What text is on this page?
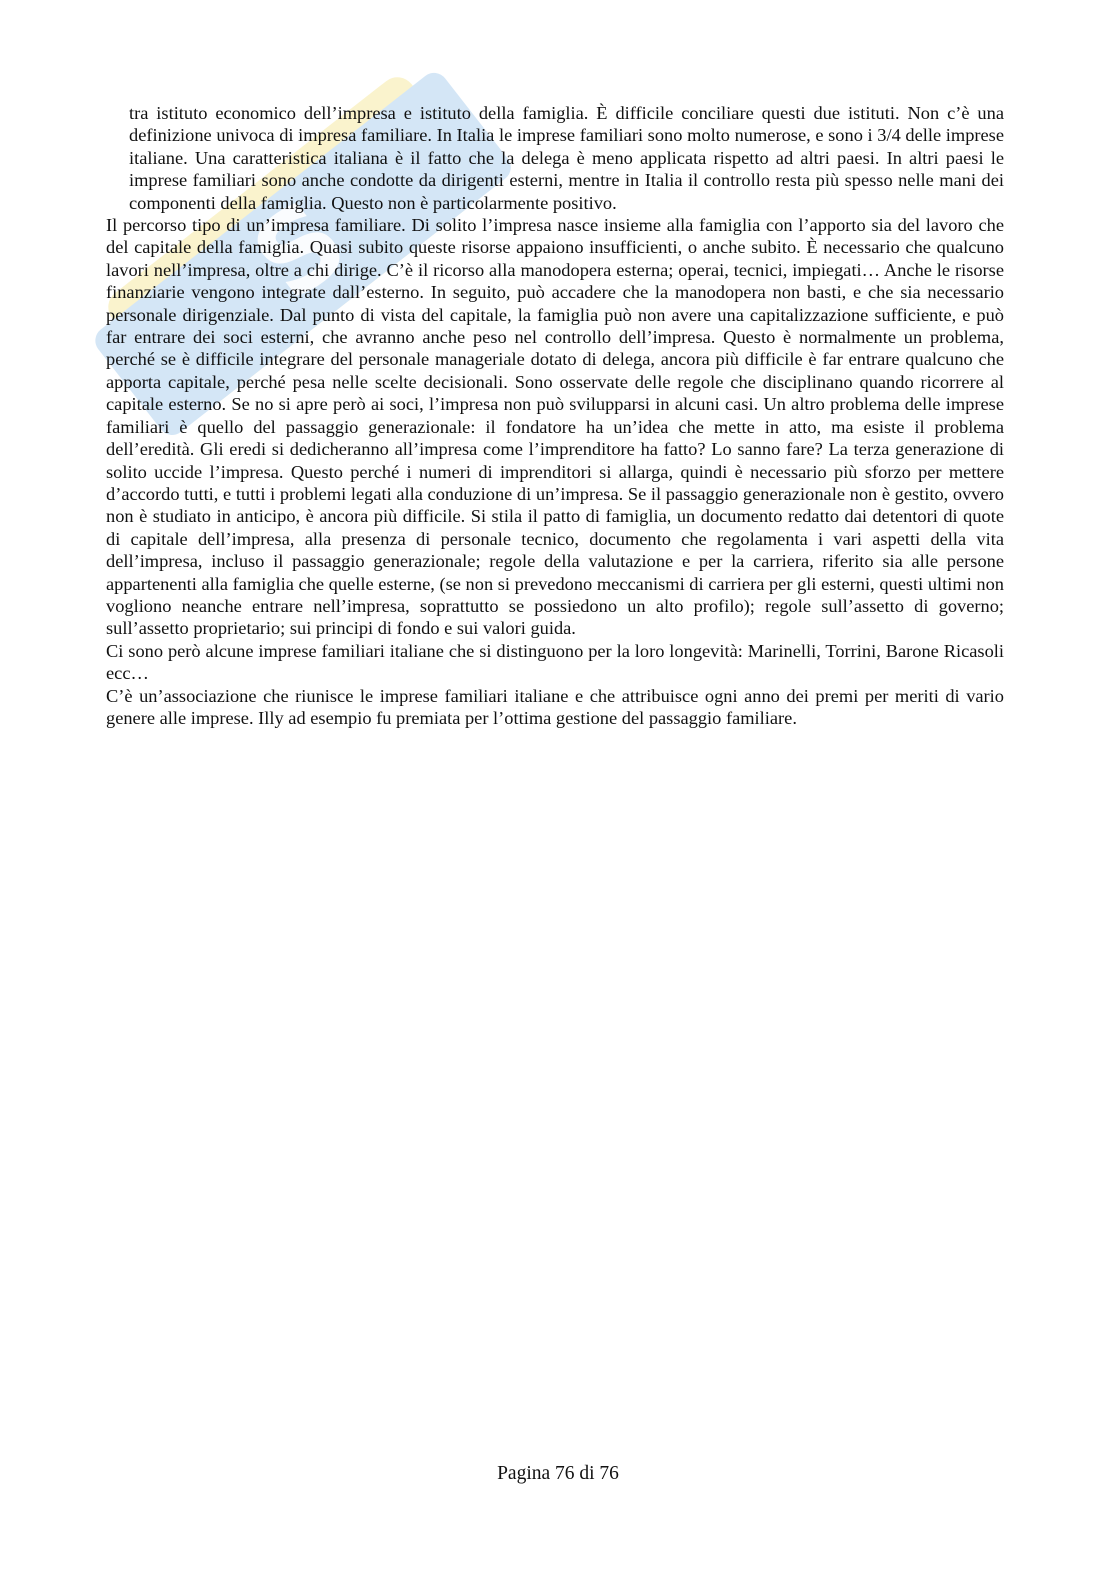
S

tra istituto economico dell’impresa e istituto della famiglia. È difficile conciliare questi due istituti. Non c’è una definizione univoca di impresa familiare. In Italia le imprese familiari sono molto numerose, e sono i 3/4 delle imprese italiane. Una caratteristica italiana è il fatto che la delega è meno applicata rispetto ad altri paesi. In altri paesi le imprese familiari sono anche condotte da dirigenti esterni, mentre in Italia il controllo resta più spesso nelle mani dei componenti della famiglia. Questo non è particolarmente positivo.

Il percorso tipo di un’impresa familiare. Di solito l’impresa nasce insieme alla famiglia con l’apporto sia del lavoro che del capitale della famiglia. Quasi subito queste risorse appaiono insufficienti, o anche subito. È necessario che qualcuno lavori nell’impresa, oltre a chi dirige. C’è il ricorso alla manodopera esterna; operai, tecnici, impiegati… Anche le risorse finanziarie vengono integrate dall’esterno. In seguito, può accadere che la manodopera non basti, e che sia necessario personale dirigenziale. Dal punto di vista del capitale, la famiglia può non avere una capitalizzazione sufficiente, e può far entrare dei soci esterni, che avranno anche peso nel controllo dell’impresa. Questo è normalmente un problema, perché se è difficile integrare del personale manageriale dotato di delega, ancora più difficile è far entrare qualcuno che apporta capitale, perché pesa nelle scelte decisionali. Sono osservate delle regole che disciplinano quando ricorrere al capitale esterno. Se no si apre però ai soci, l’impresa non può svilupparsi in alcuni casi. Un altro problema delle imprese familiari è quello del passaggio generazionale: il fondatore ha un’idea che mette in atto, ma esiste il problema dell’eredità. Gli eredi si dedicheranno all’impresa come l’imprenditore ha fatto? Lo sanno fare? La terza generazione di solito uccide l’impresa. Questo perché i numeri di imprenditori si allarga, quindi è necessario più sforzo per mettere d’accordo tutti, e tutti i problemi legati alla conduzione di un’impresa. Se il passaggio generazionale non è gestito, ovvero non è studiato in anticipo, è ancora più difficile. Si stila il patto di famiglia, un documento redatto dai detentori di quote di capitale dell’impresa, alla presenza di personale tecnico, documento che regolamenta i vari aspetti della vita dell’impresa, incluso il passaggio generazionale; regole della valutazione e per la carriera, riferito sia alle persone appartenenti alla famiglia che quelle esterne, (se non si prevedono meccanismi di carriera per gli esterni, questi ultimi non vogliono neanche entrare nell’impresa, soprattutto se possiedono un alto profilo); regole sull’assetto di governo; sull’assetto proprietario; sui principi di fondo e sui valori guida.

Ci sono però alcune imprese familiari italiane che si distinguono per la loro longevità: Marinelli, Torrini, Barone Ricasoli ecc…

C’è un’associazione che riunisce le imprese familiari italiane e che attribuisce ogni anno dei premi per meriti di vario genere alle imprese. Illy ad esempio fu premiata per l’ottima gestione del passaggio familiare.

Pagina 76 di 76
